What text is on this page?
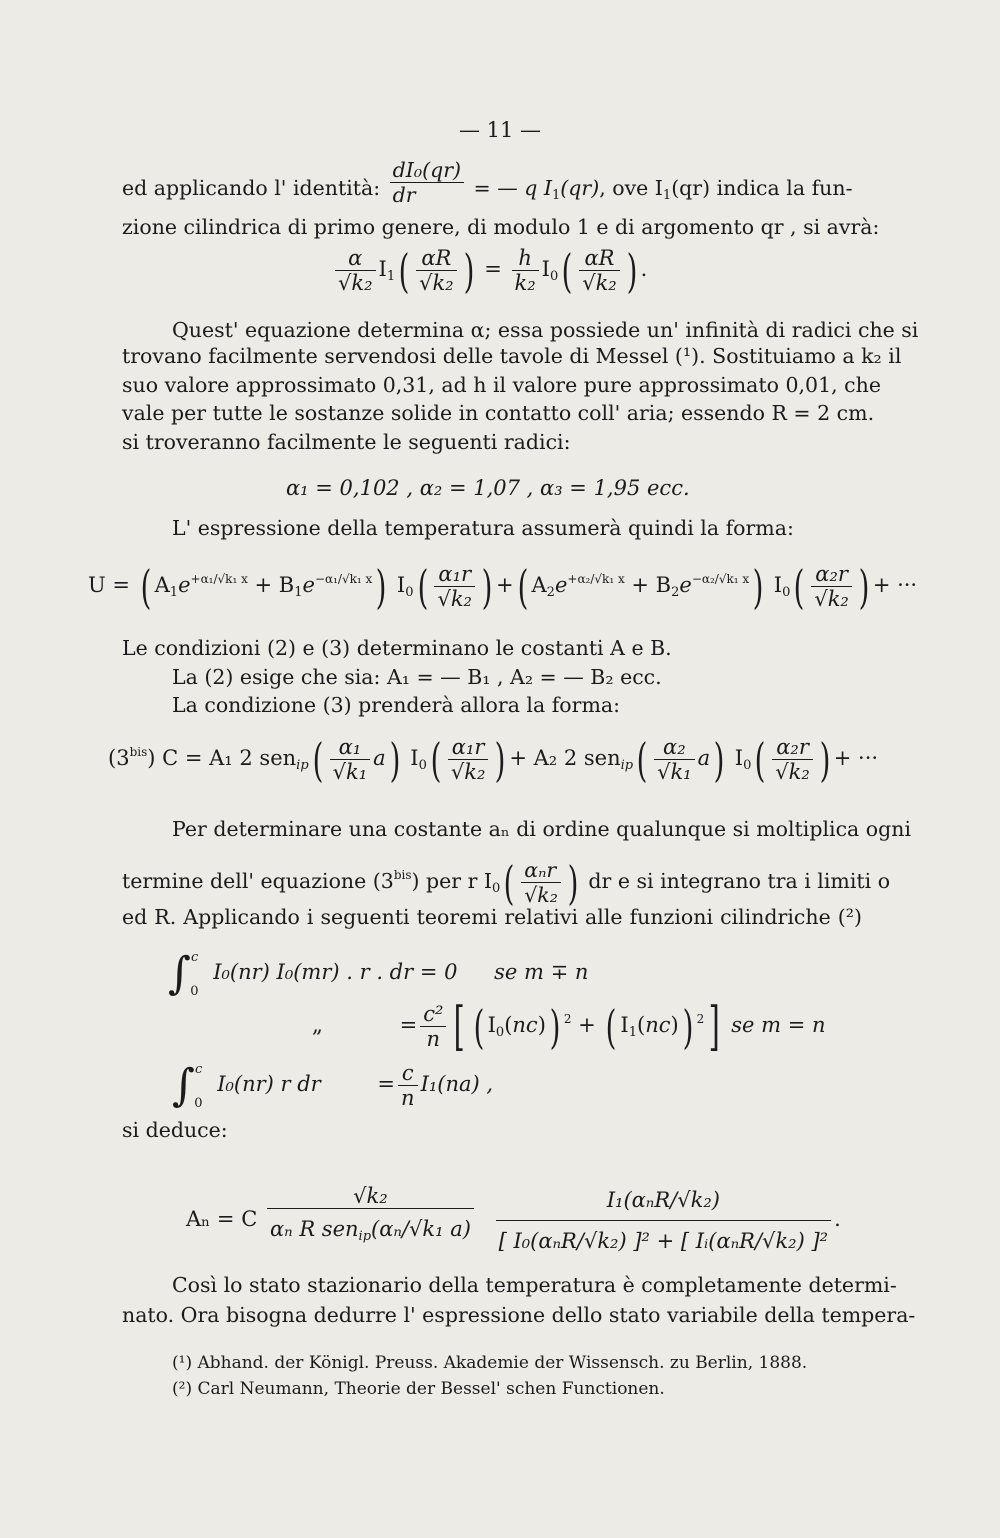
— 11 —
ed applicando l' identità: $\frac{\text{dI₀(qr)}}{dr}$ = — q $I_1(qr)$, ove $I_1(qr)$ indica la fun-
zione cilindrica di primo genere, di modulo 1 e di argomento qr , si avrà:
$\frac{\alpha}{\text{√k₂}} I_1( \frac{\alpha R}{\text{√k₂}}$ ) = $\frac{h}{\text{k₂}} I_0( \frac{\alpha R}{\text{√k₂}}$ ) .
Quest' equazione determina α; essa possiede un' infinità di radici che si
trovano facilmente servendosi delle tavole di Messel (¹). Sostituiamo a k₂ il
suo valore approssimato 0,31, ad h il valore pure approssimato 0,01, che
vale per tutte le sostanze solide in contatto coll' aria; essendo R = 2 cm.
si troveranno facilmente le seguenti radici:
α₁ = 0,102 , α₂ = 1,07 , α₃ = 1,95 ecc.
L' espressione della temperatura assumerà quindi la forma:
U = ( $A_1e^{+\alpha_1/√k_1 x} + B_1e^{-\alpha_1/√k_1 x}$) $I_0( \frac{\text{α₁r}}{\text{√k₂}}$ ) +( $A_2e^{+\alpha_2/√k_1 x} + B_2e^{-\alpha_2/√k_1 x}$) $I_0( \frac{\text{α₂r}}{\text{√k₂}}$ ) + ···
Le condizioni (2) e (3) determinano le costanti A e B.
La (2) esige che sia: A₁ = — B₁ , A₂ = — B₂ ecc.
La condizione (3) prenderà allora la forma:
$(3^{bis}) C = A_1$ 2 $sen_{ip}( \frac{\text{α₁}}{\text{√k₁}} a)$ $I_0( \frac{\text{α₁r}}{\text{√k₂}}$ ) + A₂ 2 $sen_{ip}( \frac{\text{α₂}}{\text{√k₁}} a)$ $I_0( \frac{\text{α₂r}}{\text{√k₂}}$ ) + ···
Per determinare una costante aₙ di ordine qualunque si moltiplica ogni
termine dell' equazione $(3^{bis})$ per r $I_0( \frac{\text{αₙr}}{\text{√k₂}}$ ) dr e si integrano tra i limiti o
ed R. Applicando i seguenti teoremi relativi alle funzioni cilindriche (²)
∫$^c_0$ I₀(nr) I₀(mr) . r . dr = 0 se m ∓ n
„	= $\frac{\text{c²}}{n}$ [ ( $I_0(nc)$) $^2$ + ( $I_1(nc)$) $^2$] se m = n
∫$^c_0$ I₀(nr) r dr	= $\frac{c}{n} I_1(na)$ ,
si deduce:
Aₙ = C $\frac{\text{√k₂}}{\alpha_n R sen_{ip}(\alpha_n/√k_1 a)}$
$\frac{\text{I₁(αₙR/√k₂)}}{\text{[ I₀(αₙR/√k₂) ]² + [ Iᵢ(αₙR/√k₂) ]²}}$ .
Così lo stato stazionario della temperatura è completamente determi-
nato. Ora bisogna dedurre l' espressione dello stato variabile della tempera-
(¹) Abhand. der Königl. Preuss. Akademie der Wissensch. zu Berlin, 1888.
(²) Carl Neumann, Theorie der Bessel' schen Functionen.
